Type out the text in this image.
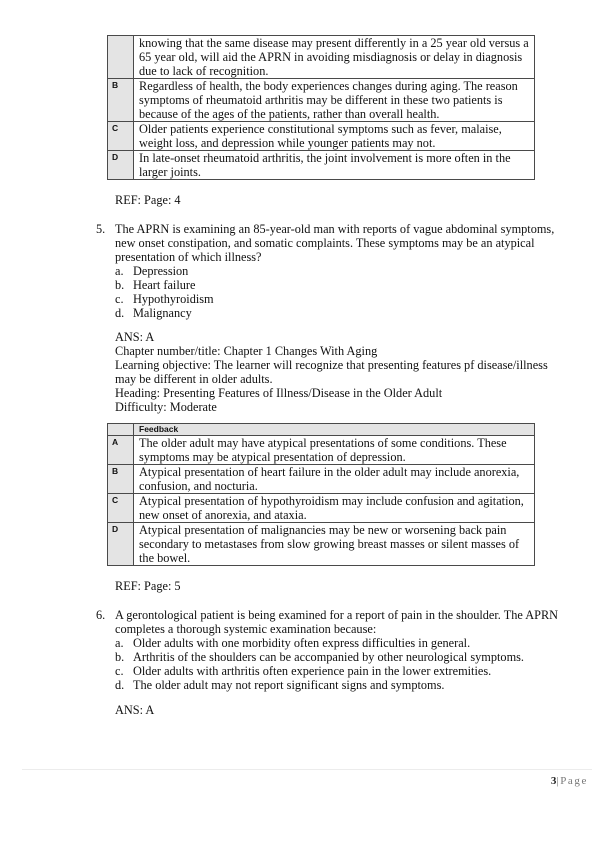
	knowing that the same disease may present differently in a 25 year old versus a 65 year old, will aid the APRN in avoiding misdiagnosis or delay in diagnosis due to lack of recognition.
B	Regardless of health, the body experiences changes during aging. The reason symptoms of rheumatoid arthritis may be different in these two patients is because of the ages of the patients, rather than overall health.
C	Older patients experience constitutional symptoms such as fever, malaise, weight loss, and depression while younger patients may not.
D	In late-onset rheumatoid arthritis, the joint involvement is more often in the larger joints.
REF: Page: 4
5. The APRN is examining an 85-year-old man with reports of vague abdominal symptoms,
new onset constipation, and somatic complaints. These symptoms may be an atypical
presentation of which illness?
a. Depression
b. Heart failure
c. Hypothyroidism
d. Malignancy
ANS: A
Chapter number/title: Chapter 1 Changes With Aging
Learning objective: The learner will recognize that presenting features pf disease/illness
may be different in older adults.
Heading: Presenting Features of Illness/Disease in the Older Adult
Difficulty: Moderate
	Feedback
A	The older adult may have atypical presentations of some conditions. These symptoms may be atypical presentation of depression.
B	Atypical presentation of heart failure in the older adult may include anorexia, confusion, and nocturia.
C	Atypical presentation of hypothyroidism may include confusion and agitation, new onset of anorexia, and ataxia.
D	Atypical presentation of malignancies may be new or worsening back pain secondary to metastases from slow growing breast masses or silent masses of the bowel.
REF: Page: 5
6. A gerontological patient is being examined for a report of pain in the shoulder. The APRN
completes a thorough systemic examination because:
a. Older adults with one morbidity often express difficulties in general.
b. Arthritis of the shoulders can be accompanied by other neurological symptoms.
c. Older adults with arthritis often experience pain in the lower extremities.
d. The older adult may not report significant signs and symptoms.
ANS: A
3|Page
